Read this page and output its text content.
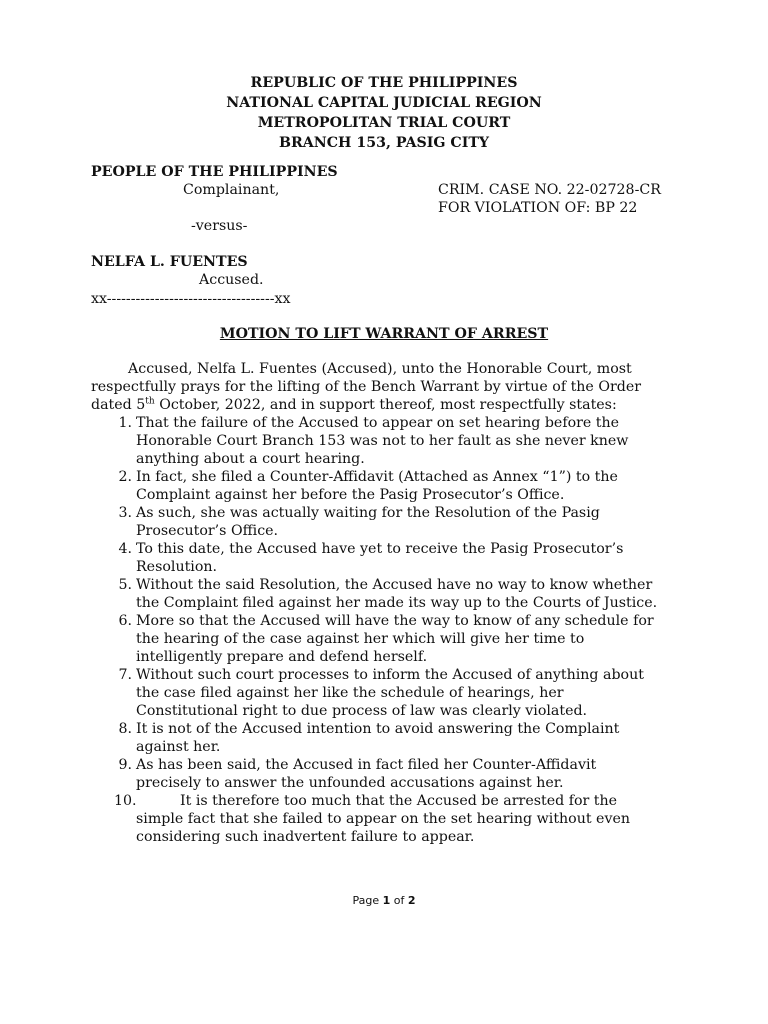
REPUBLIC OF THE PHILIPPINES
NATIONAL CAPITAL JUDICIAL REGION
METROPOLITAN TRIAL COURT
BRANCH 153, PASIG CITY
PEOPLE OF THE PHILIPPINES
Complainant,	CRIM. CASE NO. 22-02728-CR
FOR VIOLATION OF: BP 22
-versus-
NELFA L. FUENTES
Accused.
xx-----------------------------------xx
MOTION TO LIFT WARRANT OF ARREST
Accused, Nelfa L. Fuentes (Accused), unto the Honorable Court, most
respectfully prays for the lifting of the Bench Warrant by virtue of the Order
dated 5th October, 2022, and in support thereof, most respectfully states:
1. That the failure of the Accused to appear on set hearing before the
Honorable Court Branch 153 was not to her fault as she never knew
anything about a court hearing.
2. In fact, she filed a Counter-Affidavit (Attached as Annex “1”) to the
Complaint against her before the Pasig Prosecutor’s Office.
3. As such, she was actually waiting for the Resolution of the Pasig
Prosecutor’s Office.
4. To this date, the Accused have yet to receive the Pasig Prosecutor’s
Resolution.
5. Without the said Resolution, the Accused have no way to know whether
the Complaint filed against her made its way up to the Courts of Justice.
6. More so that the Accused will have the way to know of any schedule for
the hearing of the case against her which will give her time to
intelligently prepare and defend herself.
7. Without such court processes to inform the Accused of anything about
the case filed against her like the schedule of hearings, her
Constitutional right to due process of law was clearly violated.
8. It is not of the Accused intention to avoid answering the Complaint
against her.
9. As has been said, the Accused in fact filed her Counter-Affidavit
precisely to answer the unfounded accusations against her.
10.	It is therefore too much that the Accused be arrested for the
simple fact that she failed to appear on the set hearing without even
considering such inadvertent failure to appear.
Page 1 of 2
